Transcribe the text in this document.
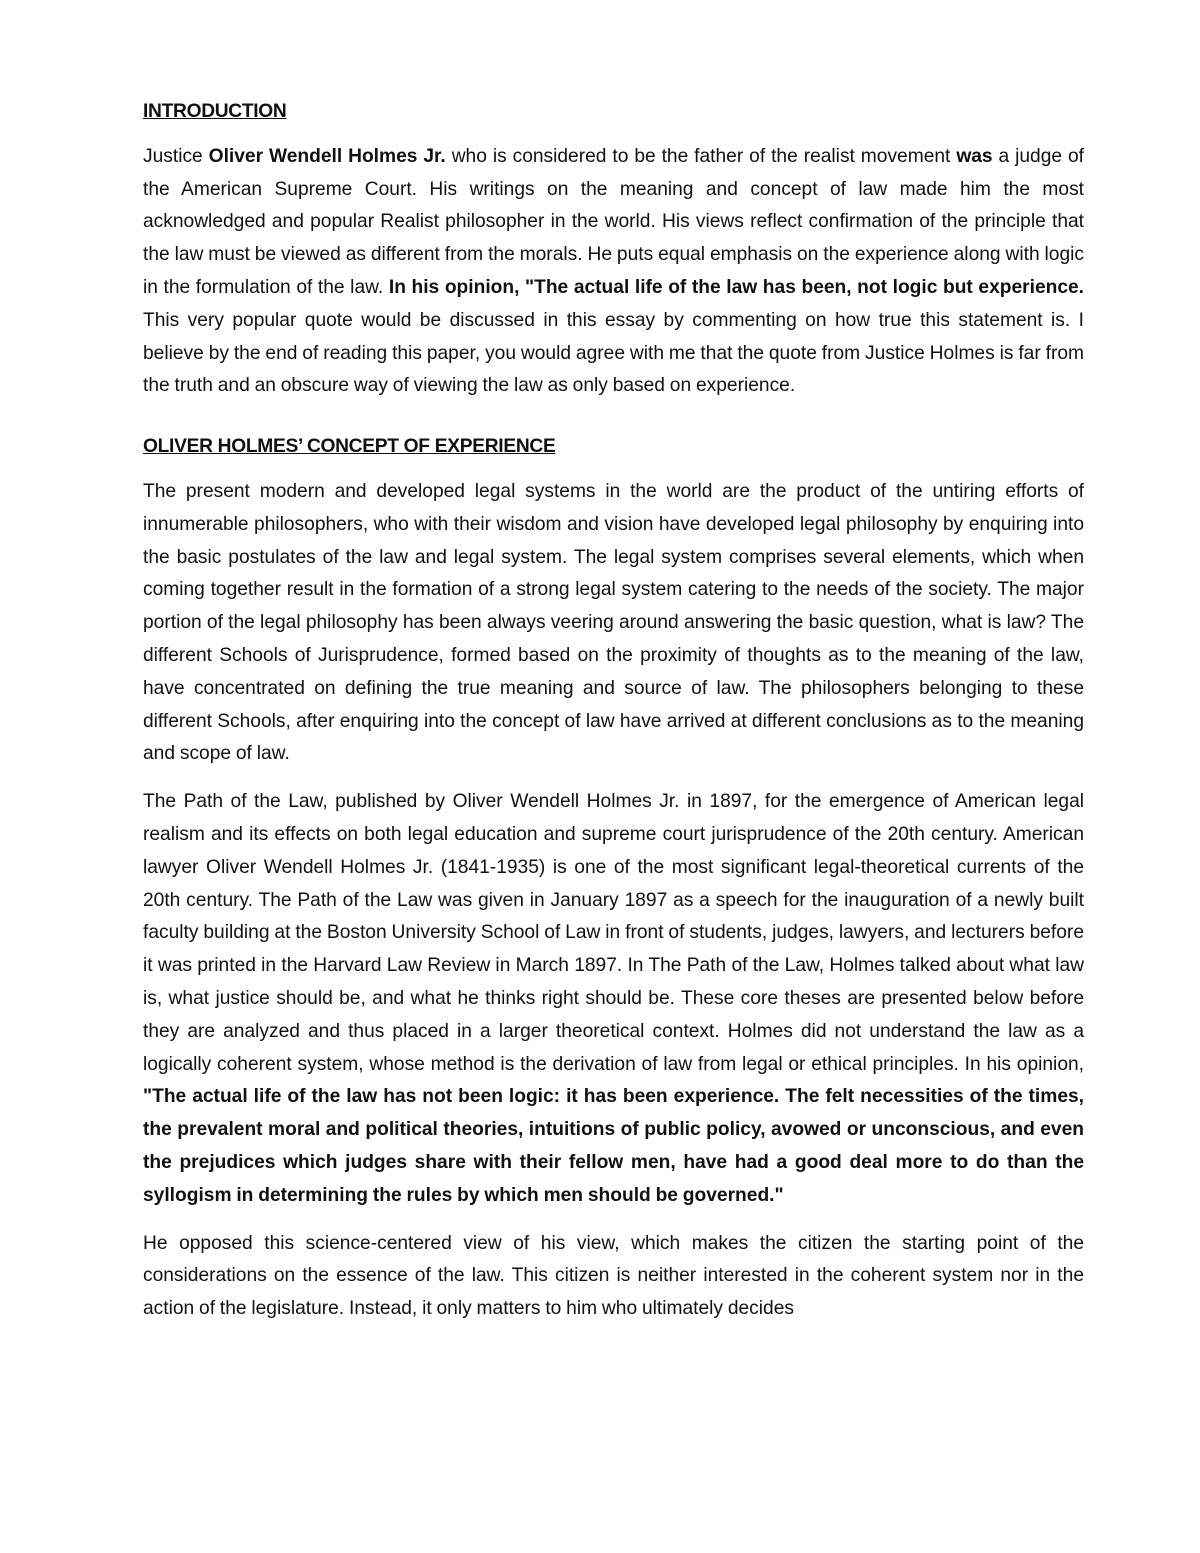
INTRODUCTION

Justice Oliver Wendell Holmes Jr. who is considered to be the father of the realist movement was a judge of the American Supreme Court. His writings on the meaning and concept of law made him the most acknowledged and popular Realist philosopher in the world. His views reflect confirmation of the principle that the law must be viewed as different from the morals. He puts equal emphasis on the experience along with logic in the formulation of the law. In his opinion, "The actual life of the law has been, not logic but experience. This very popular quote would be discussed in this essay by commenting on how true this statement is. I believe by the end of reading this paper, you would agree with me that the quote from Justice Holmes is far from the truth and an obscure way of viewing the law as only based on experience.

OLIVER HOLMES’ CONCEPT OF EXPERIENCE

The present modern and developed legal systems in the world are the product of the untiring efforts of innumerable philosophers, who with their wisdom and vision have developed legal philosophy by enquiring into the basic postulates of the law and legal system. The legal system comprises several elements, which when coming together result in the formation of a strong legal system catering to the needs of the society. The major portion of the legal philosophy has been always veering around answering the basic question, what is law? The different Schools of Jurisprudence, formed based on the proximity of thoughts as to the meaning of the law, have concentrated on defining the true meaning and source of law. The philosophers belonging to these different Schools, after enquiring into the concept of law have arrived at different conclusions as to the meaning and scope of law.

The Path of the Law, published by Oliver Wendell Holmes Jr. in 1897, for the emergence of American legal realism and its effects on both legal education and supreme court jurisprudence of the 20th century. American lawyer Oliver Wendell Holmes Jr. (1841-1935) is one of the most significant legal-theoretical currents of the 20th century. The Path of the Law was given in January 1897 as a speech for the inauguration of a newly built faculty building at the Boston University School of Law in front of students, judges, lawyers, and lecturers before it was printed in the Harvard Law Review in March 1897. In The Path of the Law, Holmes talked about what law is, what justice should be, and what he thinks right should be. These core theses are presented below before they are analyzed and thus placed in a larger theoretical context. Holmes did not understand the law as a logically coherent system, whose method is the derivation of law from legal or ethical principles. In his opinion, "The actual life of the law has not been logic: it has been experience. The felt necessities of the times, the prevalent moral and political theories, intuitions of public policy, avowed or unconscious, and even the prejudices which judges share with their fellow men, have had a good deal more to do than the syllogism in determining the rules by which men should be governed."

He opposed this science-centered view of his view, which makes the citizen the starting point of the considerations on the essence of the law. This citizen is neither interested in the coherent system nor in the action of the legislature. Instead, it only matters to him who ultimately decides
